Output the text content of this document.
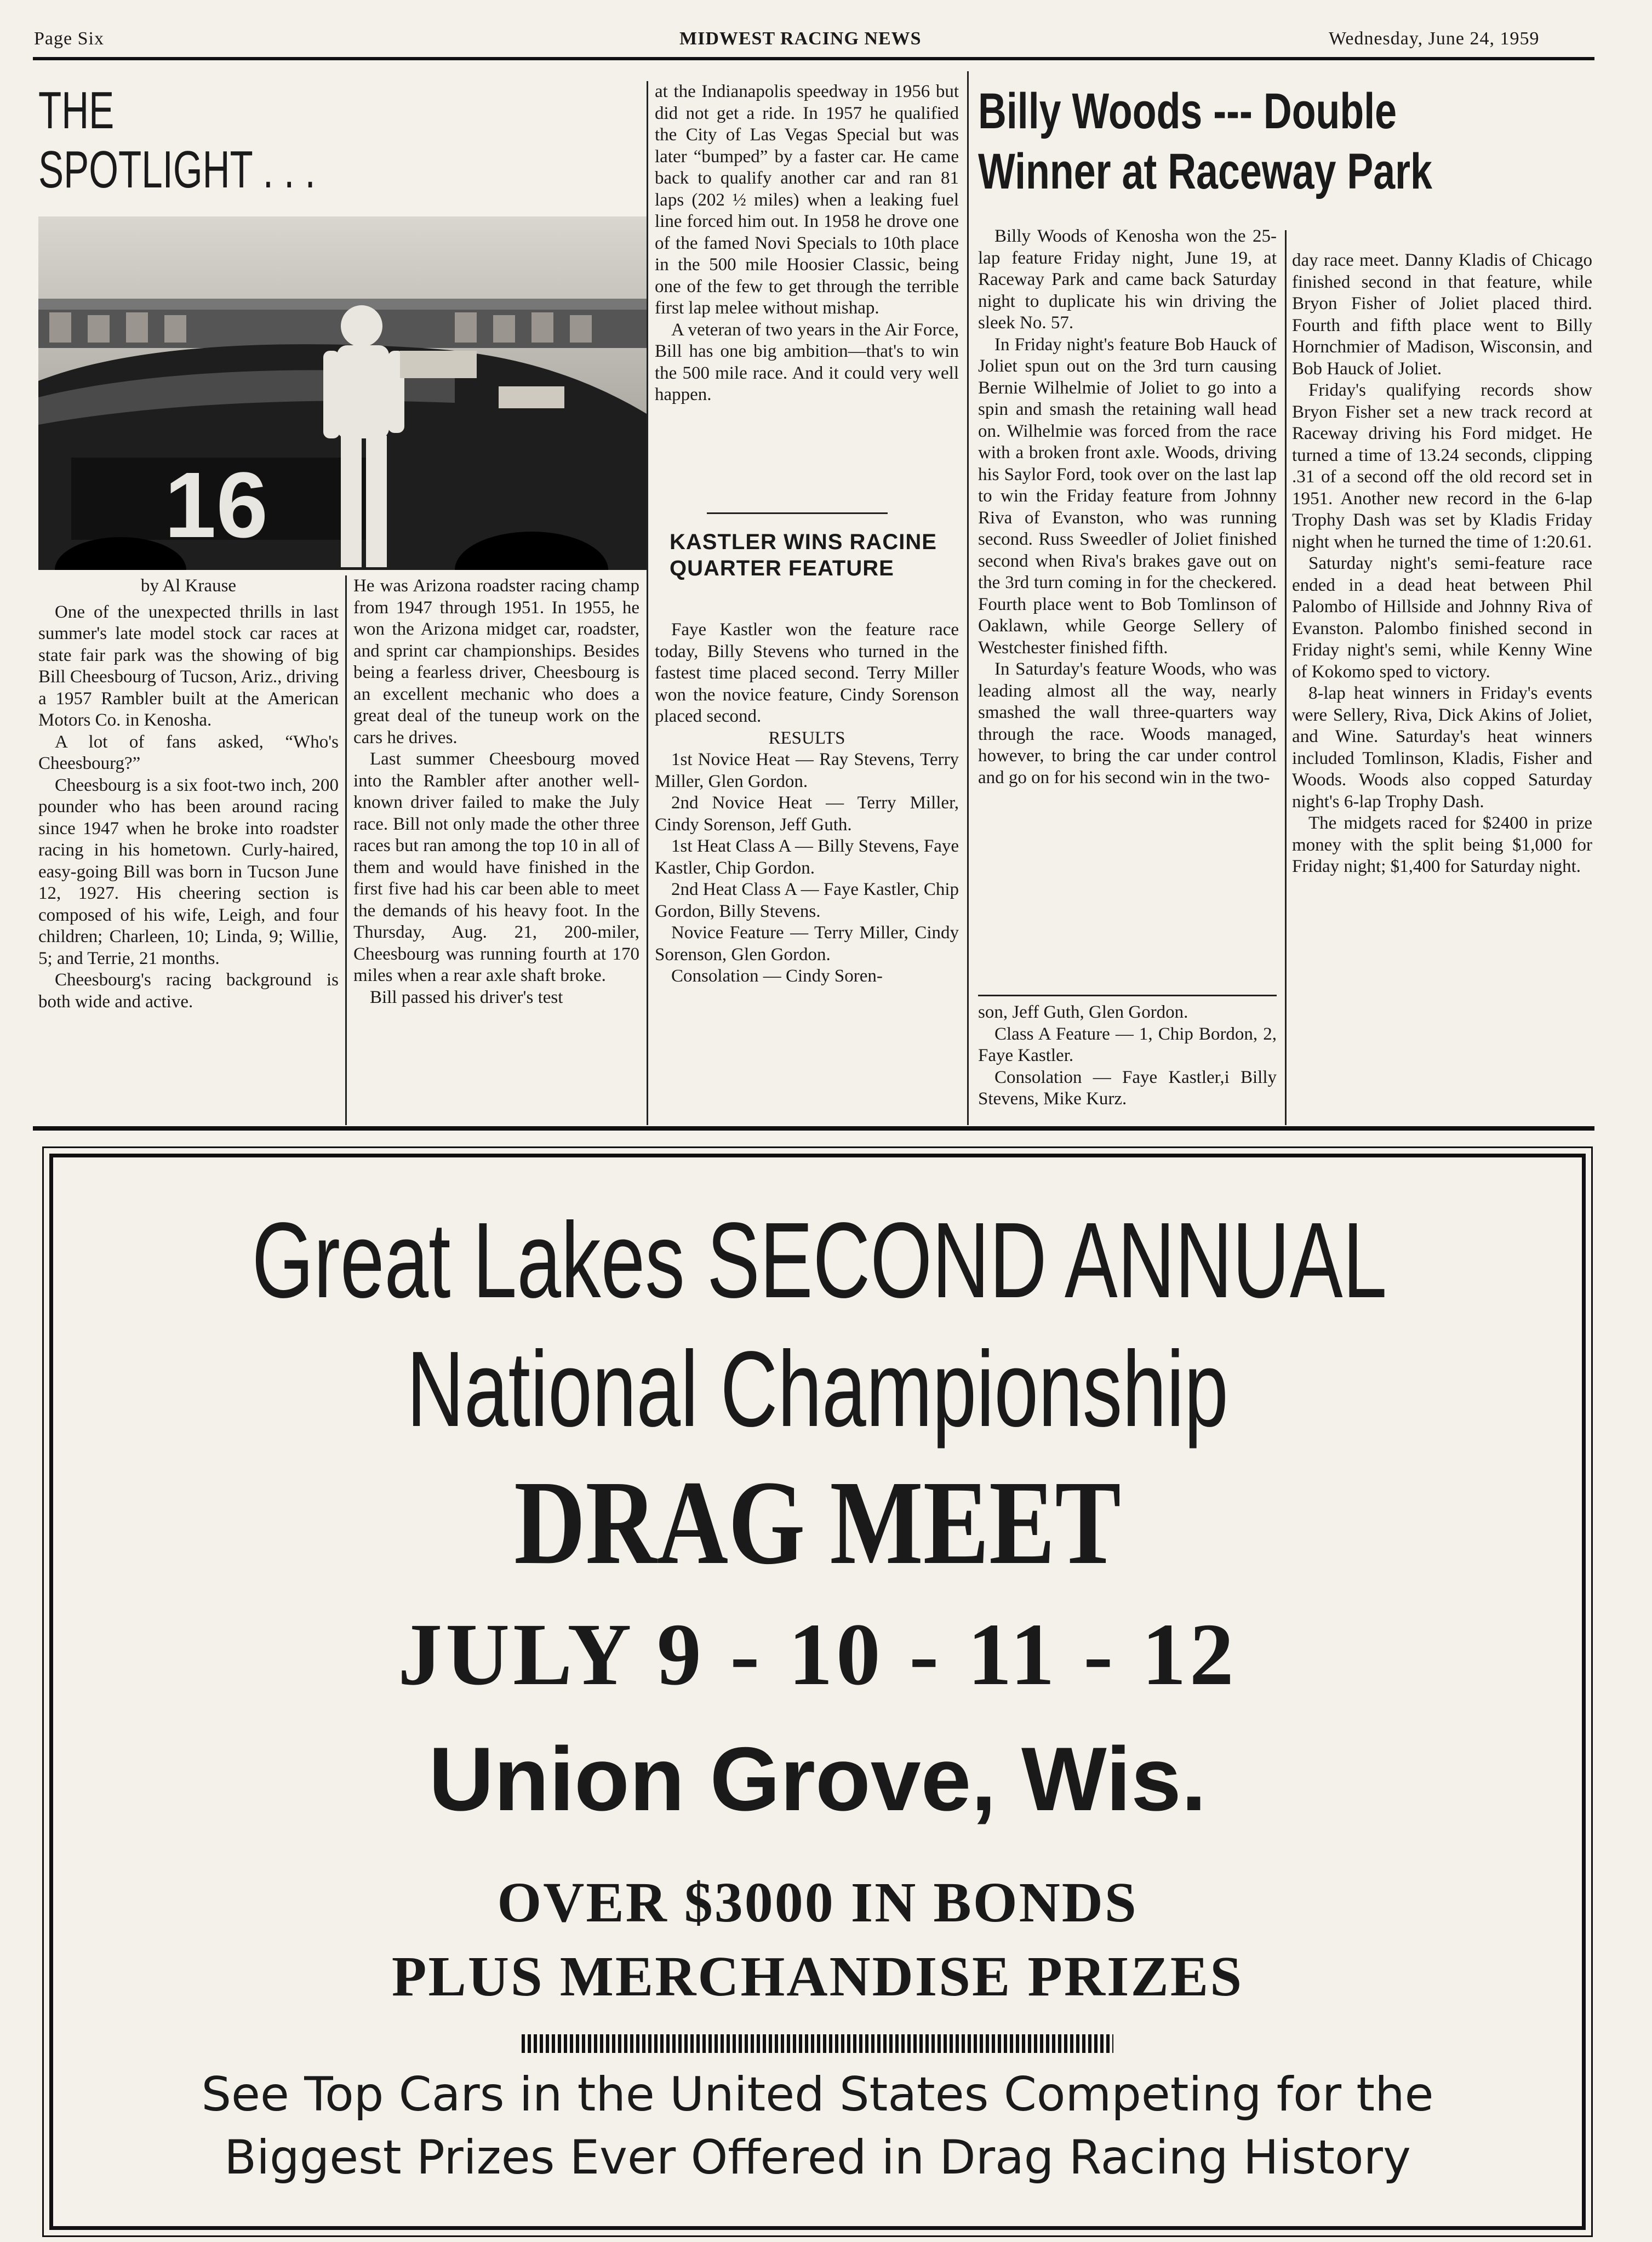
Page Six	MIDWEST RACING NEWS	Wednesday, June 24, 1959
THE
SPOTLIGHT . . .
16

by Al Krause

One of the unexpected thrills in last summer's late model stock car races at state fair park was the showing of big Bill Cheesbourg of Tucson, Ariz., driving a 1957 Rambler built at the American Motors Co. in Kenosha.

A lot of fans asked, “Who's Cheesbourg?”

Cheesbourg is a six foot-two inch, 200 pounder who has been around racing since 1947 when he broke into roadster racing in his hometown. Curly-haired, easy-going Bill was born in Tucson June 12, 1927. His cheering section is composed of his wife, Leigh, and four children; Charleen, 10; Linda, 9; Willie, 5; and Terrie, 21 months.

Cheesbourg's racing background is both wide and active.

He was Arizona roadster racing champ from 1947 through 1951. In 1955, he won the Arizona midget car, roadster, and sprint car championships. Besides being a fearless driver, Cheesbourg is an excellent mechanic who does a great deal of the tuneup work on the cars he drives.

Last summer Cheesbourg moved into the Rambler after another well-known driver failed to make the July race. Bill not only made the other three races but ran among the top 10 in all of them and would have finished in the first five had his car been able to meet the demands of his heavy foot. In the Thursday, Aug. 21, 200-miler, Cheesbourg was running fourth at 170 miles when a rear axle shaft broke.

Bill passed his driver's test

at the Indianapolis speedway in 1956 but did not get a ride. In 1957 he qualified the City of Las Vegas Special but was later “bumped” by a faster car. He came back to qualify another car and ran 81 laps (202 ½ miles) when a leaking fuel line forced him out. In 1958 he drove one of the famed Novi Specials to 10th place in the 500 mile Hoosier Classic, being one of the few to get through the terrible first lap melee without mishap.

A veteran of two years in the Air Force, Bill has one big ambition—that's to win the 500 mile race. And it could very well happen.

KASTLER WINS RACINE QUARTER FEATURE

Faye Kastler won the feature race today, Billy Stevens who turned in the fastest time placed second. Terry Miller won the novice feature, Cindy Sorenson placed second.

RESULTS

1st Novice Heat — Ray Stevens, Terry Miller, Glen Gordon.

2nd Novice Heat — Terry Miller, Cindy Sorenson, Jeff Guth.

1st Heat Class A — Billy Stevens, Faye Kastler, Chip Gordon.

2nd Heat Class A — Faye Kastler, Chip Gordon, Billy Stevens.

Novice Feature — Terry Miller, Cindy Sorenson, Glen Gordon.

Consolation — Cindy Soren-

Billy Woods --- Double
Winner at Raceway Park

Billy Woods of Kenosha won the 25-lap feature Friday night, June 19, at Raceway Park and came back Saturday night to duplicate his win driving the sleek No. 57.

In Friday night's feature Bob Hauck of Joliet spun out on the 3rd turn causing Bernie Wilhelmie of Joliet to go into a spin and smash the retaining wall head on. Wilhelmie was forced from the race with a broken front axle. Woods, driving his Saylor Ford, took over on the last lap to win the Friday feature from Johnny Riva of Evanston, who was running second. Russ Sweedler of Joliet finished second when Riva's brakes gave out on the 3rd turn coming in for the checkered. Fourth place went to Bob Tomlinson of Oaklawn, while George Sellery of Westchester finished fifth.

In Saturday's feature Woods, who was leading almost all the way, nearly smashed the wall three-quarters way through the race. Woods managed, however, to bring the car under control and go on for his second win in the two-

son, Jeff Guth, Glen Gordon.

Class A Feature — 1, Chip Bordon, 2, Faye Kastler.

Consolation — Faye Kastler,i Billy Stevens, Mike Kurz.

day race meet. Danny Kladis of Chicago finished second in that feature, while Bryon Fisher of Joliet placed third. Fourth and fifth place went to Billy Hornchmier of Madison, Wisconsin, and Bob Hauck of Joliet.

Friday's qualifying records show Bryon Fisher set a new track record at Raceway driving his Ford midget. He turned a time of 13.24 seconds, clipping .31 of a second off the old record set in 1951. Another new record in the 6-lap Trophy Dash was set by Kladis Friday night when he turned the time of 1:20.61.

Saturday night's semi-feature race ended in a dead heat between Phil Palombo of Hillside and Johnny Riva of Evanston. Palombo finished second in Friday night's semi, while Kenny Wine of Kokomo sped to victory.

8-lap heat winners in Friday's events were Sellery, Riva, Dick Akins of Joliet, and Wine. Saturday's heat winners included Tomlinson, Kladis, Fisher and Woods. Woods also copped Saturday night's 6-lap Trophy Dash.

The midgets raced for $2400 in prize money with the split being $1,000 for Friday night; $1,400 for Saturday night.

Great Lakes SECOND ANNUAL
National Championship
DRAG MEET
JULY 9 - 10 - 11 - 12
Union Grove, Wis.
OVER $3000 IN BONDS
PLUS MERCHANDISE PRIZES
See Top Cars in the United States Competing for the
Biggest Prizes Ever Offered in Drag Racing History
